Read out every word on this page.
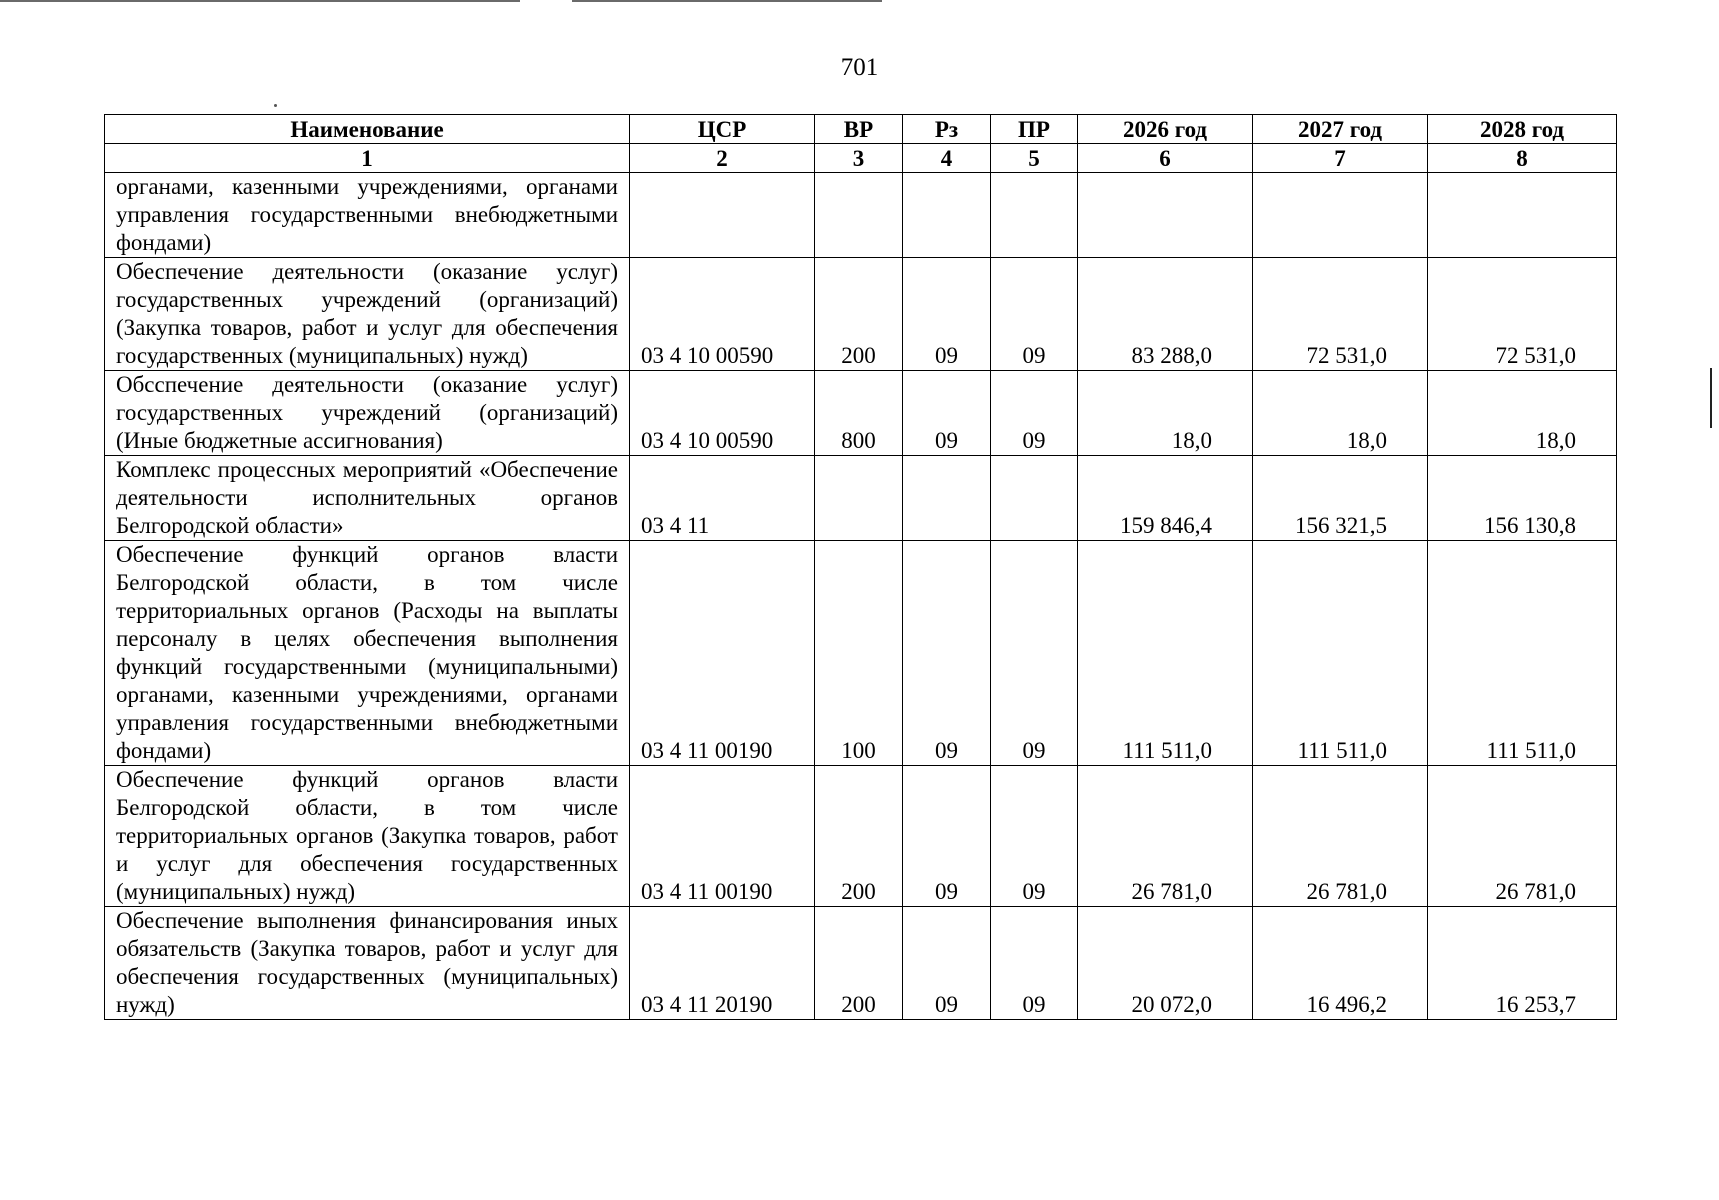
701
Наименование	ЦСР	ВР	Рз	ПР	2026 год	2027 год	2028 год
1	2	3	4	5	6	7	8
органами, казенными учреждениями, органами управления государственными внебюджетными фондами)							
Обеспечение деятельности (оказание услуг) государственных учреждений (организаций) (Закупка товаров, работ и услуг для обеспечения государственных (муниципальных) нужд)	03 4 10 00590	200	09	09	83 288,0	72 531,0	72 531,0
Обсспечение деятельности (оказание услуг) государственных учреждений (организаций) (Иные бюджетные ассигнования)	03 4 10 00590	800	09	09	18,0	18,0	18,0
Комплекс процессных мероприятий «Обеспечение деятельности исполнительных органов Белгородской области»	03 4 11				159 846,4	156 321,5	156 130,8
Обеспечение функций органов власти Белгородской области, в том числе территориальных органов (Расходы на выплаты персоналу в целях обеспечения выполнения функций государственными (муниципальными) органами, казенными учреждениями, органами управления государственными внебюджетными фондами)	03 4 11 00190	100	09	09	111 511,0	111 511,0	111 511,0
Обеспечение функций органов власти Белгородской области, в том числе территориальных органов (Закупка товаров, работ и услуг для обеспечения государственных (муниципальных) нужд)	03 4 11 00190	200	09	09	26 781,0	26 781,0	26 781,0
Обеспечение выполнения финансирования иных обязательств (Закупка товаров, работ и услуг для обеспечения государственных (муниципальных) нужд)	03 4 11 20190	200	09	09	20 072,0	16 496,2	16 253,7
